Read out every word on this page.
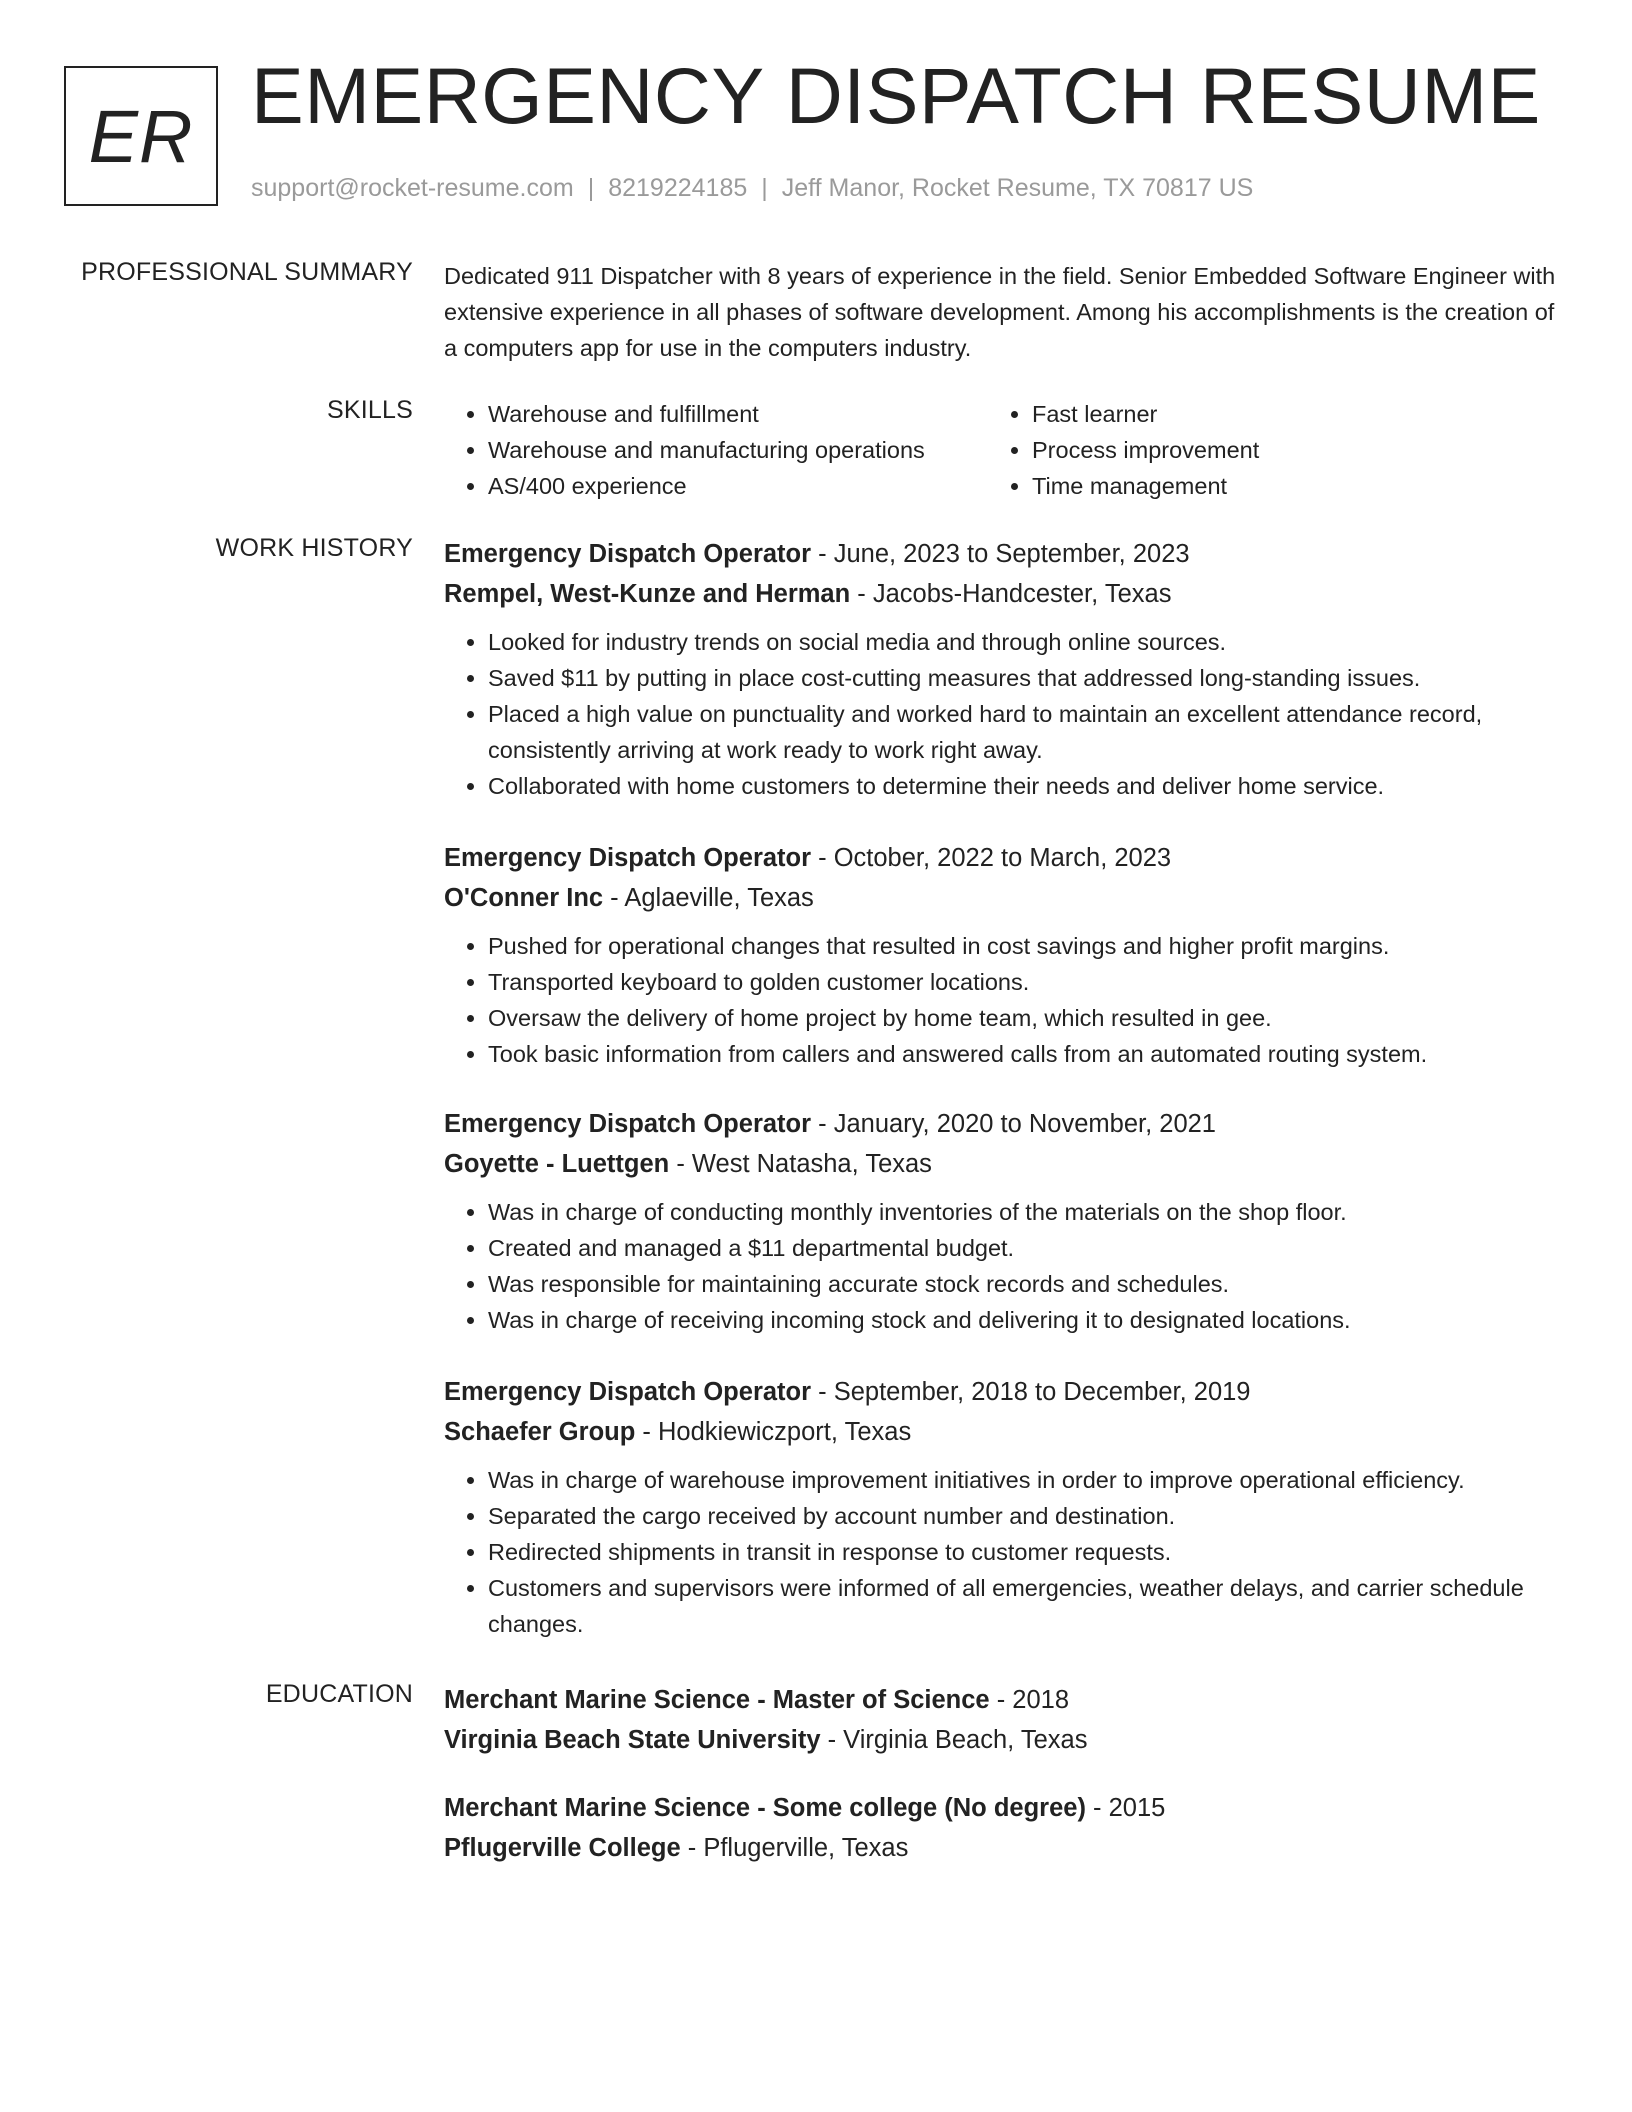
ER EMERGENCY DISPATCH RESUME
support@rocket-resume.com | 8219224185 | Jeff Manor, Rocket Resume, TX 70817 US
PROFESSIONAL SUMMARY Dedicated 911 Dispatcher with 8 years of experience in the field. Senior Embedded Software Engineer with extensive experience in all phases of software development. Among his accomplishments is the creation of a computers app for use in the computers industry.

SKILLS
•	Warehouse and fulfillment
• Warehouse and manufacturing operations
• AS/400 experience
• Fast learner
• Process improvement
• Time management
WORK HISTORY Emergency Dispatch Operator - June, 2023 to September, 2023
Rempel, West-Kunze and Herman - Jacobs-Handcester, Texas
• Looked for industry trends on social media and through online sources.
• Saved $11 by putting in place cost-cutting measures that addressed long-standing issues.
• Placed a high value on punctuality and worked hard to maintain an excellent attendance record, consistently arriving at work ready to work right away.
• Collaborated with home customers to determine their needs and deliver home service.
Emergency Dispatch Operator - October, 2022 to March, 2023
O'Conner Inc - Aglaeville, Texas
• Pushed for operational changes that resulted in cost savings and higher profit margins.
• Transported keyboard to golden customer locations.
• Oversaw the delivery of home project by home team, which resulted in gee.
• Took basic information from callers and answered calls from an automated routing system.
Emergency Dispatch Operator - January, 2020 to November, 2021
Goyette - Luettgen - West Natasha, Texas
• Was in charge of conducting monthly inventories of the materials on the shop floor.
• Created and managed a $11 departmental budget.
• Was responsible for maintaining accurate stock records and schedules.
• Was in charge of receiving incoming stock and delivering it to designated locations.
Emergency Dispatch Operator - September, 2018 to December, 2019
Schaefer Group - Hodkiewiczport, Texas
• Was in charge of warehouse improvement initiatives in order to improve operational efficiency.
• Separated the cargo received by account number and destination.
• Redirected shipments in transit in response to customer requests.
• Customers and supervisors were informed of all emergencies, weather delays, and carrier schedule changes.
EDUCATION Merchant Marine Science - Master of Science - 2018
Virginia Beach State University - Virginia Beach, Texas
Merchant Marine Science - Some college (No degree) - 2015
Pflugerville College - Pflugerville, Texas
